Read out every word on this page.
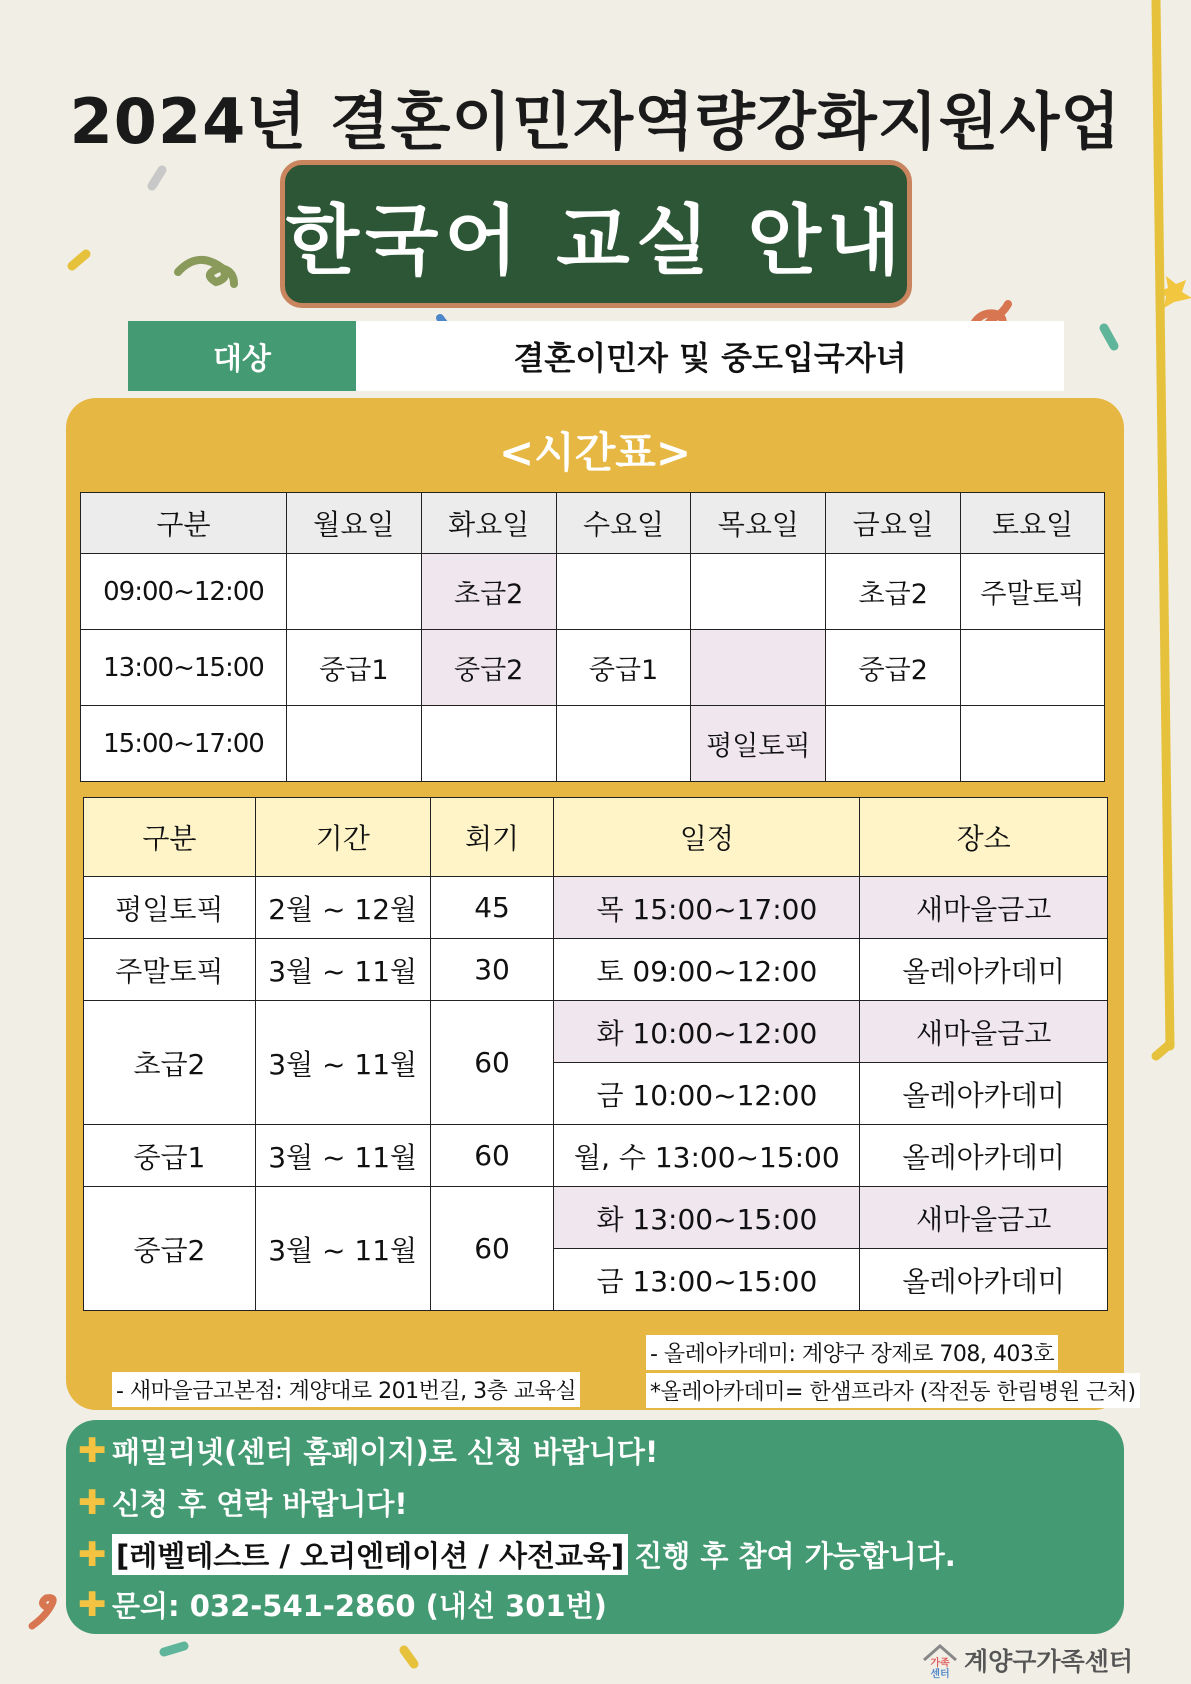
2024년 결혼이민자역량강화지원사업
한국어 교실 안내
대상	결혼이민자 및 중도입국자녀
<시간표>
구분	월요일	화요일	수요일	목요일	금요일	토요일
09:00~12:00		초급2			초급2	주말토픽
13:00~15:00	중급1	중급2	중급1		중급2	
15:00~17:00				평일토픽		
구분	기간	회기	일정	장소
평일토픽	2월 ~ 12월	45	목 15:00~17:00	새마을금고
주말토픽	3월 ~ 11월	30	토 09:00~12:00	올레아카데미
초급2	3월 ~ 11월	60	화 10:00~12:00	새마을금고
			금 10:00~12:00	올레아카데미
중급1	3월 ~ 11월	60	월, 수 13:00~15:00	올레아카데미
중급2	3월 ~ 11월	60	화 13:00~15:00	새마을금고
			금 13:00~15:00	올레아카데미
- 올레아카데미: 계양구 장제로 708, 403호
- 새마을금고본점: 계양대로 201번길, 3층 교육실	*올레아카데미= 한샘프라자 (작전동 한림병원 근처)
✚ 패밀리넷(센터 홈페이지)로 신청 바랍니다!
✚ 신청 후 연락 바랍니다!
✚ [레벨테스트 / 오리엔테이션 / 사전교육] 진행 후 참여 가능합니다.
✚ 문의: 032-541-2860 (내선 301번)
가족
센터 계양구가족센터
